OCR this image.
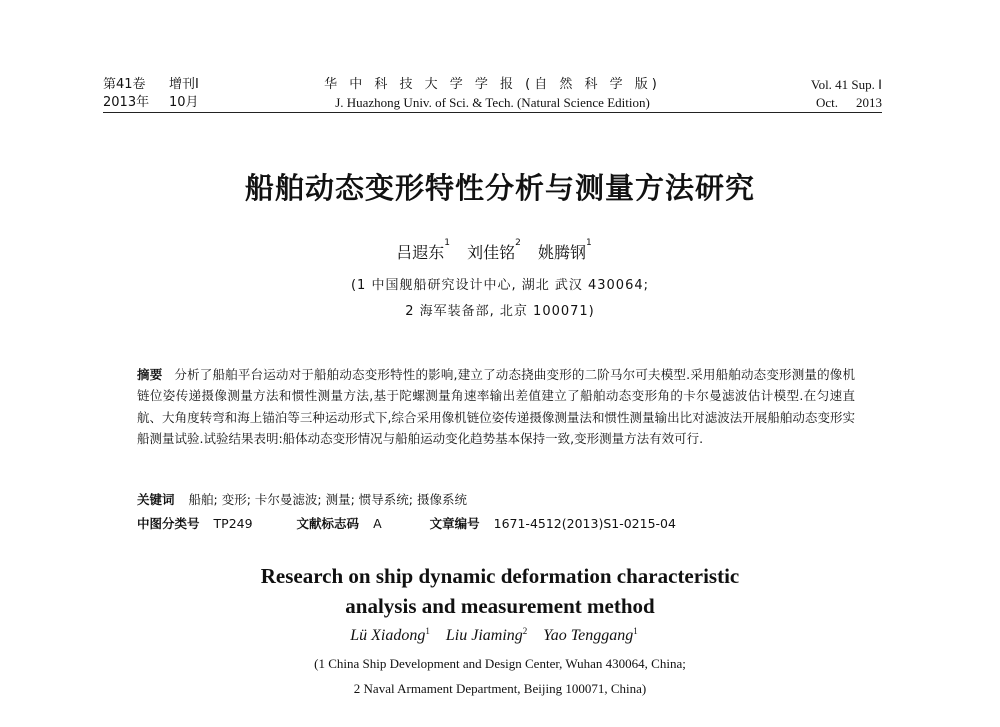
第41卷 增刊Ⅰ
2013年 10月
华 中 科 技 大 学 学 报 (自 然 科 学 版)
J. Huazhong Univ. of Sci. & Tech. (Natural Science Edition)
Vol. 41 Sup. Ⅰ
Oct. 2013
船舶动态变形特性分析与测量方法研究
吕遐东$^1$ 刘佳铭$^2$ 姚腾钢$^1$
(1 中国舰船研究设计中心, 湖北 武汉 430064;
2 海军装备部, 北京 100071)
摘要 分析了船舶平台运动对于船舶动态变形特性的影响,建立了动态挠曲变形的二阶马尔可夫模型.采用船舶动态变形测量的像机链位姿传递摄像测量方法和惯性测量方法,基于陀螺测量角速率输出差值建立了船舶动态变形角的卡尔曼滤波估计模型.在匀速直航、大角度转弯和海上锚泊等三种运动形式下,综合采用像机链位姿传递摄像测量法和惯性测量输出比对滤波法开展船舶动态变形实船测量试验.试验结果表明:船体动态变形情况与船舶运动变化趋势基本保持一致,变形测量方法有效可行.
关键词 船舶; 变形; 卡尔曼滤波; 测量; 惯导系统; 摄像系统
中图分类号 TP249	文献标志码 A	文章编号 1671-4512(2013)S1-0215-04
Research on ship dynamic deformation characteristic
analysis and measurement method
Lü Xiadong$^1$ Liu Jiaming$^2$ Yao Tenggang$^1$
(1 China Ship Development and Design Center, Wuhan 430064, China;
2 Naval Armament Department, Beijing 100071, China)
